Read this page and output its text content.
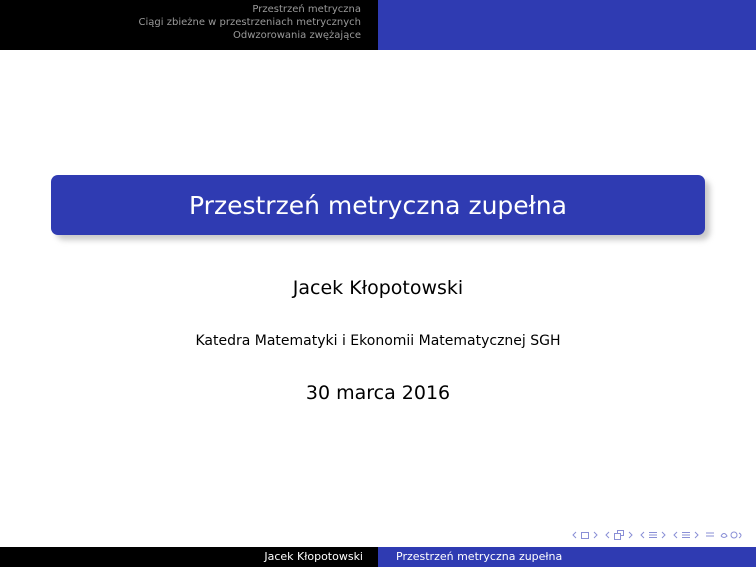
Przestrzeń metryczna
Ciągi zbieżne w przestrzeniach metrycznych
Odwzorowania zwężające
Przestrzeń metryczna zupełna
Jacek Kłopotowski
Katedra Matematyki i Ekonomii Matematycznej SGH
30 marca 2016
Jacek Kłopotowski	Przestrzeń metryczna zupełna
